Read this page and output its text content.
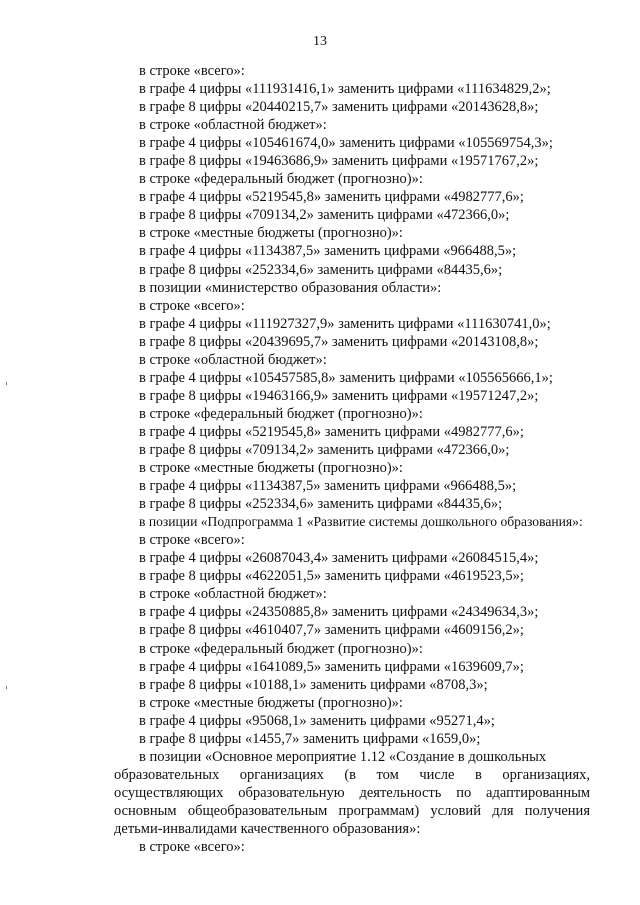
13
в строке «всего»:
в графе 4 цифры «111931416,1» заменить цифрами «111634829,2»;
в графе 8 цифры «20440215,7» заменить цифрами «20143628,8»;
в строке «областной бюджет»:
в графе 4 цифры «105461674,0» заменить цифрами «105569754,3»;
в графе 8 цифры «19463686,9» заменить цифрами «19571767,2»;
в строке «федеральный бюджет (прогнозно)»:
в графе 4 цифры «5219545,8» заменить цифрами «4982777,6»;
в графе 8 цифры «709134,2» заменить цифрами «472366,0»;
в строке «местные бюджеты (прогнозно)»:
в графе 4 цифры «1134387,5» заменить цифрами «966488,5»;
в графе 8 цифры «252334,6» заменить цифрами «84435,6»;
в позиции «министерство образования области»:
в строке «всего»:
в графе 4 цифры «111927327,9» заменить цифрами «111630741,0»;
в графе 8 цифры «20439695,7» заменить цифрами «20143108,8»;
в строке «областной бюджет»:
в графе 4 цифры «105457585,8» заменить цифрами «105565666,1»;
в графе 8 цифры «19463166,9» заменить цифрами «19571247,2»;
в строке «федеральный бюджет (прогнозно)»:
в графе 4 цифры «5219545,8» заменить цифрами «4982777,6»;
в графе 8 цифры «709134,2» заменить цифрами «472366,0»;
в строке «местные бюджеты (прогнозно)»:
в графе 4 цифры «1134387,5» заменить цифрами «966488,5»;
в графе 8 цифры «252334,6» заменить цифрами «84435,6»;
в позиции «Подпрограмма 1 «Развитие системы дошкольного образования»:
в строке «всего»:
в графе 4 цифры «26087043,4» заменить цифрами «26084515,4»;
в графе 8 цифры «4622051,5» заменить цифрами «4619523,5»;
в строке «областной бюджет»:
в графе 4 цифры «24350885,8» заменить цифрами «24349634,3»;
в графе 8 цифры «4610407,7» заменить цифрами «4609156,2»;
в строке «федеральный бюджет (прогнозно)»:
в графе 4 цифры «1641089,5» заменить цифрами «1639609,7»;
в графе 8 цифры «10188,1» заменить цифрами «8708,3»;
в строке «местные бюджеты (прогнозно)»:
в графе 4 цифры «95068,1» заменить цифрами «95271,4»;
в графе 8 цифры «1455,7» заменить цифрами «1659,0»;
в позиции «Основное мероприятие 1.12 «Создание в дошкольных
образовательных организациях (в том числе в организациях, осуществляющих образовательную деятельность по адаптированным основным общеобразовательным программам) условий для получения детьми-инвалидами качественного образования»:
в строке «всего»:
